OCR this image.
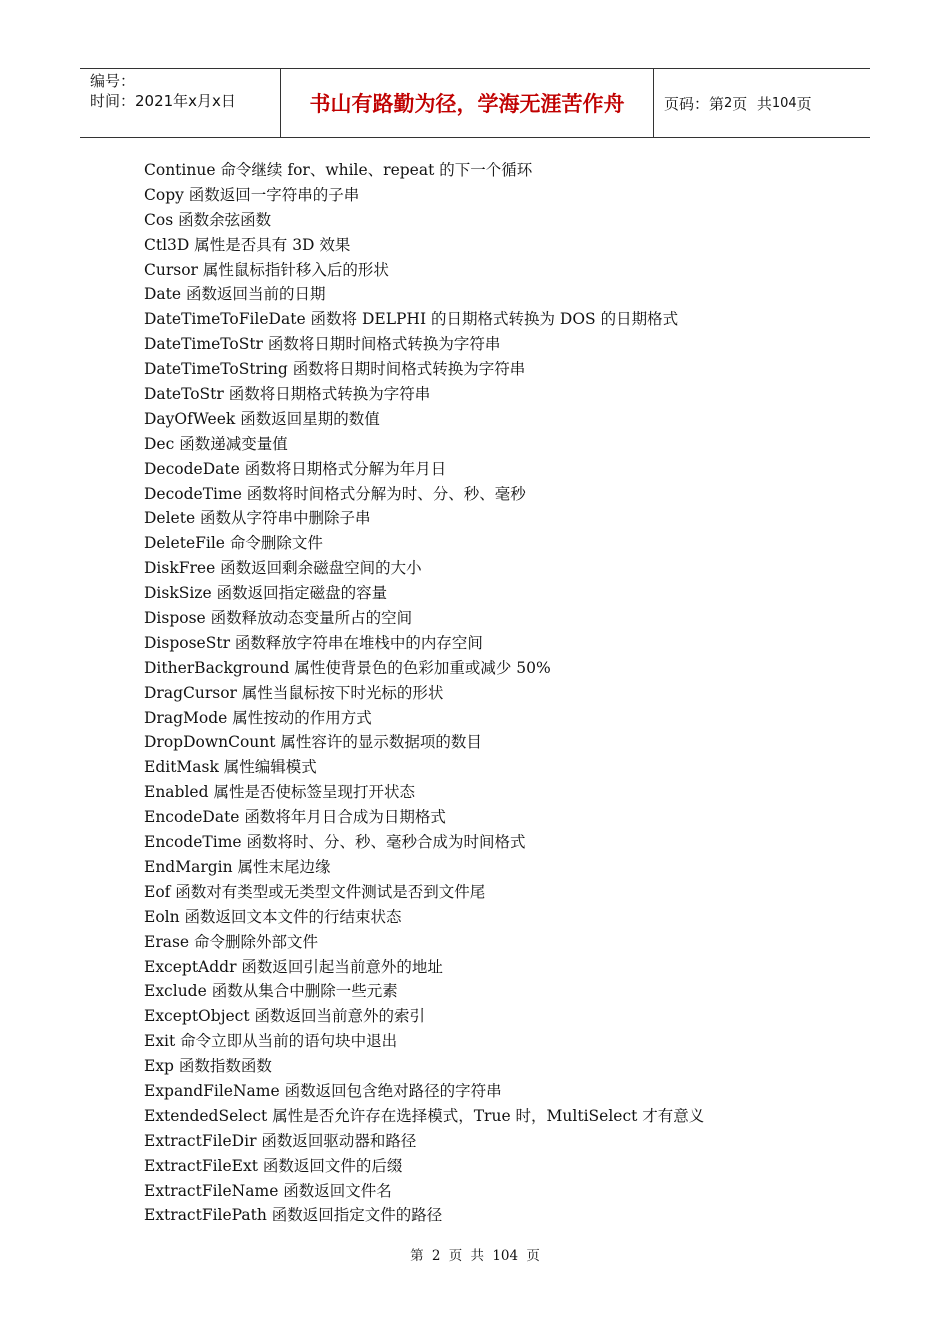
编号：
时间：2021年x月x日	书山有路勤为径，学海无涯苦作舟	页码：第 2 页  共 104 页
Continue 命令继续 for、while、repeat 的下一个循环
Copy 函数返回一字符串的子串
Cos 函数余弦函数
Ctl3D 属性是否具有 3D 效果
Cursor 属性鼠标指针移入后的形状
Date 函数返回当前的日期
DateTimeToFileDate 函数将 DELPHI 的日期格式转换为 DOS 的日期格式
DateTimeToStr 函数将日期时间格式转换为字符串
DateTimeToString 函数将日期时间格式转换为字符串
DateToStr 函数将日期格式转换为字符串
DayOfWeek 函数返回星期的数值
Dec 函数递减变量值
DecodeDate 函数将日期格式分解为年月日
DecodeTime 函数将时间格式分解为时、分、秒、毫秒
Delete 函数从字符串中删除子串
DeleteFile 命令删除文件
DiskFree 函数返回剩余磁盘空间的大小
DiskSize 函数返回指定磁盘的容量
Dispose 函数释放动态变量所占的空间
DisposeStr 函数释放字符串在堆栈中的内存空间
DitherBackground 属性使背景色的色彩加重或减少 50%
DragCursor 属性当鼠标按下时光标的形状
DragMode 属性按动的作用方式
DropDownCount 属性容许的显示数据项的数目
EditMask 属性编辑模式
Enabled 属性是否使标签呈现打开状态
EncodeDate 函数将年月日合成为日期格式
EncodeTime 函数将时、分、秒、毫秒合成为时间格式
EndMargin 属性末尾边缘
Eof 函数对有类型或无类型文件测试是否到文件尾
Eoln 函数返回文本文件的行结束状态
Erase 命令删除外部文件
ExceptAddr 函数返回引起当前意外的地址
Exclude 函数从集合中删除一些元素
ExceptObject 函数返回当前意外的索引
Exit 命令立即从当前的语句块中退出
Exp 函数指数函数
ExpandFileName 函数返回包含绝对路径的字符串
ExtendedSelect 属性是否允许存在选择模式，True 时，MultiSelect 才有意义
ExtractFileDir 函数返回驱动器和路径
ExtractFileExt 函数返回文件的后缀
ExtractFileName 函数返回文件名
ExtractFilePath 函数返回指定文件的路径
第 2 页 共 104 页
